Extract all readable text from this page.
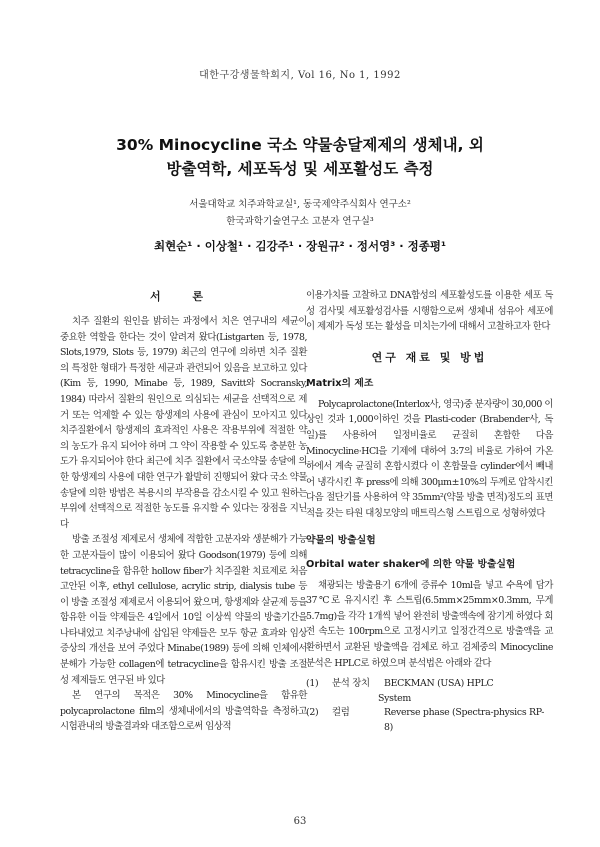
대한구강생물학회지, Vol 16, No 1, 1992
30% Minocycline 국소 약물송달제제의 생체내, 외
방출역학, 세포독성 및 세포활성도 측정
서울대학교 치주과학교실¹, 동국제약주식회사 연구소²
한국과학기술연구소 고분자 연구실³
최현순¹ · 이상철¹ · 김강주¹ · 장원규² · 정서영³ · 정종평¹
서 론

치주 질환의 원인을 밝히는 과정에서 치은 연구내의 세균이 중요한 역할을 한다는 것이 알려져 왔다(Listgarten 등, 1978, Slots,1979, Slots 등, 1979) 최근의 연구에 의하면 치주 질환의 특정한 형태가 특정한 세균과 관련되어 있음을 보고하고 있다(Kim 등, 1990, Minabe 등, 1989, Savitt와 Socransky, 1984) 따라서 질환의 원인으로 의심되는 세균을 선택적으로 제거 또는 억제할 수 있는 항생제의 사용에 관심이 모아지고 있다 치주질환에서 항생제의 효과적인 사용은 작용부위에 적절한 약의 농도가 유지 되어야 하며 그 약이 작용할 수 있도록 충분한 농도가 유지되어야 한다 최근에 치주 질환에서 국소약물 송달에 의한 항생제의 사용에 대한 연구가 활발히 진행되어 왔다 국소 약물송달에 의한 방법은 복용시의 부작용을 감소시킬 수 있고 원하는 부위에 선택적으로 적절한 농도를 유지할 수 있다는 장점을 지닌다

방출 조절성 제제로서 생체에 적합한 고분자와 생분해가 가능한 고분자들이 많이 이용되어 왔다 Goodson(1979) 등에 의해 tetracycline을 함유한 hollow fiber가 치주질환 치료제로 처음 고안된 이후, ethyl cellulose, acrylic strip, dialysis tube 등이 방출 조절성 제제로서 이용되어 왔으며, 항생제와 살균제 등을 함유한 이들 약제들은 4일에서 10일 이상씩 약물의 방출기간을 나타내었고 치주낭내에 삽입된 약제들은 모두 항균 효과와 임상증상의 개선을 보여 주었다 Minabe(1989) 등에 의해 인체에서 분해가 가능한 collagen에 tetracycline을 함유시킨 방출 조절성 제제들도 연구된 바 있다

본 연구의 목적은 30% Minocycline을 함유한 polycaprolactone film의 생체내에서의 방출역학을 측정하고 시험관내의 방출결과와 대조함으로써 임상적

이용가치를 고찰하고 DNA합성의 세포활성도를 이용한 세포 독성 검사및 세포활성검사를 시행함으로써 생체내 섬유아 세포에 이 제제가 독성 또는 활성을 미치는가에 대해서 고찰하고자 한다

연구 재료 및 방법
Matrix의 제조

Polycaprolactone(Interlox사, 영국)중 분자량이 30,000 이상인 것과 1,000이하인 것을 Plasti-coder (Brabender사, 독일)를 사용하여 일정비율로 균질히 혼합한 다음 Minocycline·HCl을 기제에 대하여 3:7의 비율로 가하여 가온하에서 계속 균질히 혼합시켰다 이 혼합물을 cylinder에서 빼내어 냉각시킨 후 press에 의해 300μm±10%의 두께로 압착시킨 다음 절단기를 사용하여 약 35mm²(약물 방출 면적)정도의 표면적을 갖는 타원 대칭모양의 매트릭스형 스트립으로 성형하였다

약물의 방출실험
Orbital water shaker에 의한 약물 방출실험

채광되는 방출용기 6개에 증류수 10ml을 넣고 수욕에 담가 37℃로 유지시킨 후 스트립(6.5mm×25mm×0.3mm, 무게 5.7mg)을 각각 1개씩 넣어 완전히 방출액속에 잠기게 하였다 회전 속도는 100rpm으로 고정시키고 일정간격으로 방출액을 교환하면서 교환된 방출액을 검체로 하고 검체중의 Minocycline분석은 HPLC로 하였으며 분석법은 아래와 같다

(1)	분석 장치	BECKMAN (USA) HPLC
System
(2)	컬럼	Reverse phase (Spectra-physics RP-8)
63
